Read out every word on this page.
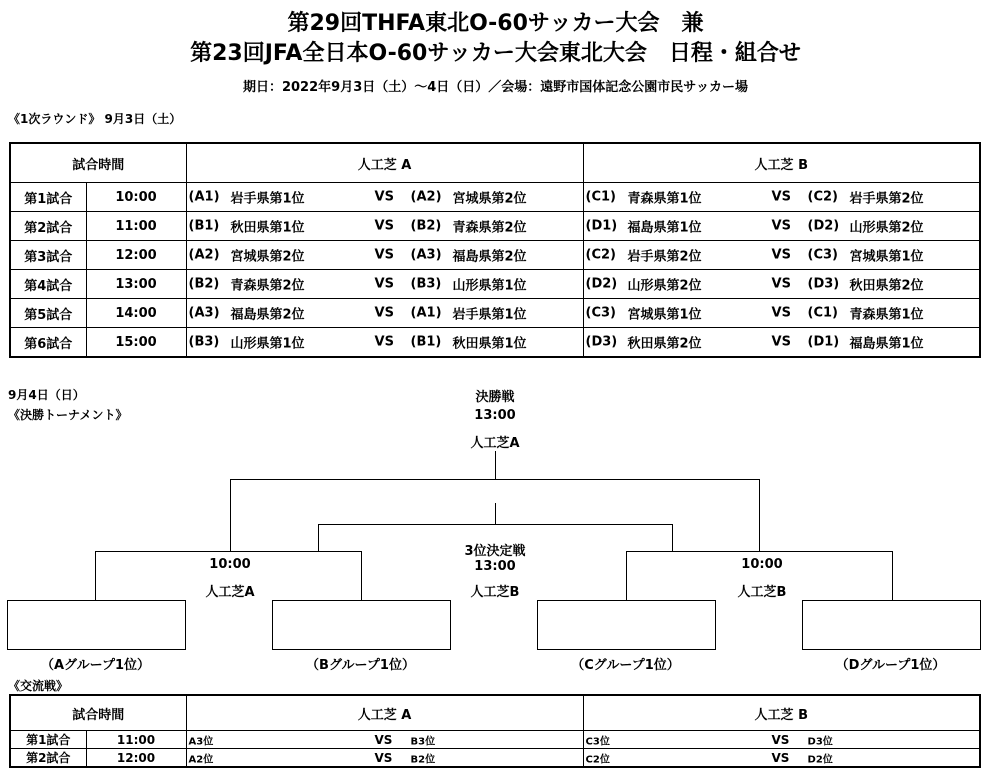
第29回THFA東北O-60サッカー大会　兼
第23回JFA全日本O-60サッカー大会東北大会　日程・組合せ
期日：2022年9月3日（土）～4日（日）／会場：遠野市国体記念公園市民サッカー場
《1次ラウンド》 9月3日（土）
試合時間		人工芝 A	人工芝 B
第1試合	10:00	(A1) 岩手県第1位 VS (A2) 宮城県第2位	(C1) 青森県第1位 VS (C2) 岩手県第2位

第2試合	11:00	(B1) 秋田県第1位 VS (B2) 青森県第2位	(D1) 福島県第1位 VS (D2) 山形県第2位

第3試合	12:00	(A2) 宮城県第2位 VS (A3) 福島県第2位	(C2) 岩手県第2位 VS (C3) 宮城県第1位

第4試合	13:00	(B2) 青森県第2位 VS (B3) 山形県第1位	(D2) 山形県第2位 VS (D3) 秋田県第2位

第5試合	14:00	(A3) 福島県第2位 VS (A1) 岩手県第1位	(C3) 宮城県第1位 VS (C1) 青森県第1位

第6試合	15:00	(B3) 山形県第1位 VS (B1) 秋田県第1位	(D3) 秋田県第2位 VS (D1) 福島県第1位
9月4日（日）
《決勝トーナメント》
決勝戦
13:00
人工芝A
3位決定戦
13:00
人工芝B
10:00
人工芝A
10:00
人工芝B
（Aグループ1位）	（Bグループ1位）	（Cグループ1位）	（Dグループ1位）
《交流戦》
試合時間		人工芝 A	人工芝 B
第1試合	11:00	A3位 VS B3位	C3位 VS D3位

第2試合	12:00	A2位 VS B2位	C2位 VS D2位
